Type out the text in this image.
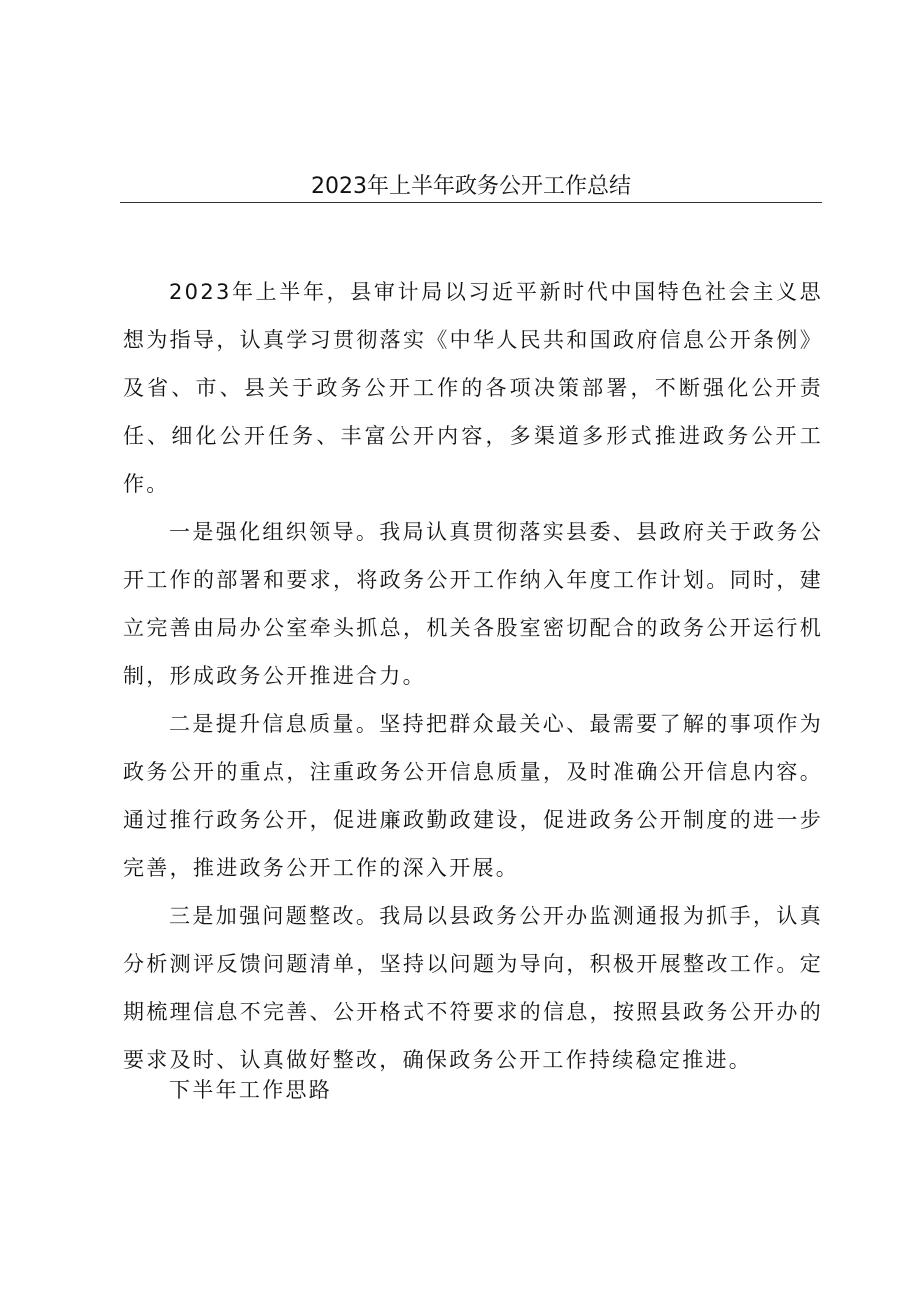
2023年上半年政务公开工作总结

2023年上半年，县审计局以习近平新时代中国特色社会主义思想为指导，认真学习贯彻落实《中华人民共和国政府信息公开条例》及省、市、县关于政务公开工作的各项决策部署，不断强化公开责任、细化公开任务、丰富公开内容，多渠道多形式推进政务公开工作。

一是强化组织领导。我局认真贯彻落实县委、县政府关于政务公开工作的部署和要求，将政务公开工作纳入年度工作计划。同时，建立完善由局办公室牵头抓总，机关各股室密切配合的政务公开运行机制，形成政务公开推进合力。

二是提升信息质量。坚持把群众最关心、最需要了解的事项作为政务公开的重点，注重政务公开信息质量，及时准确公开信息内容。通过推行政务公开，促进廉政勤政建设，促进政务公开制度的进一步完善，推进政务公开工作的深入开展。

三是加强问题整改。我局以县政务公开办监测通报为抓手，认真分析测评反馈问题清单，坚持以问题为导向，积极开展整改工作。定期梳理信息不完善、公开格式不符要求的信息，按照县政务公开办的要求及时、认真做好整改，确保政务公开工作持续稳定推进。

下半年工作思路
